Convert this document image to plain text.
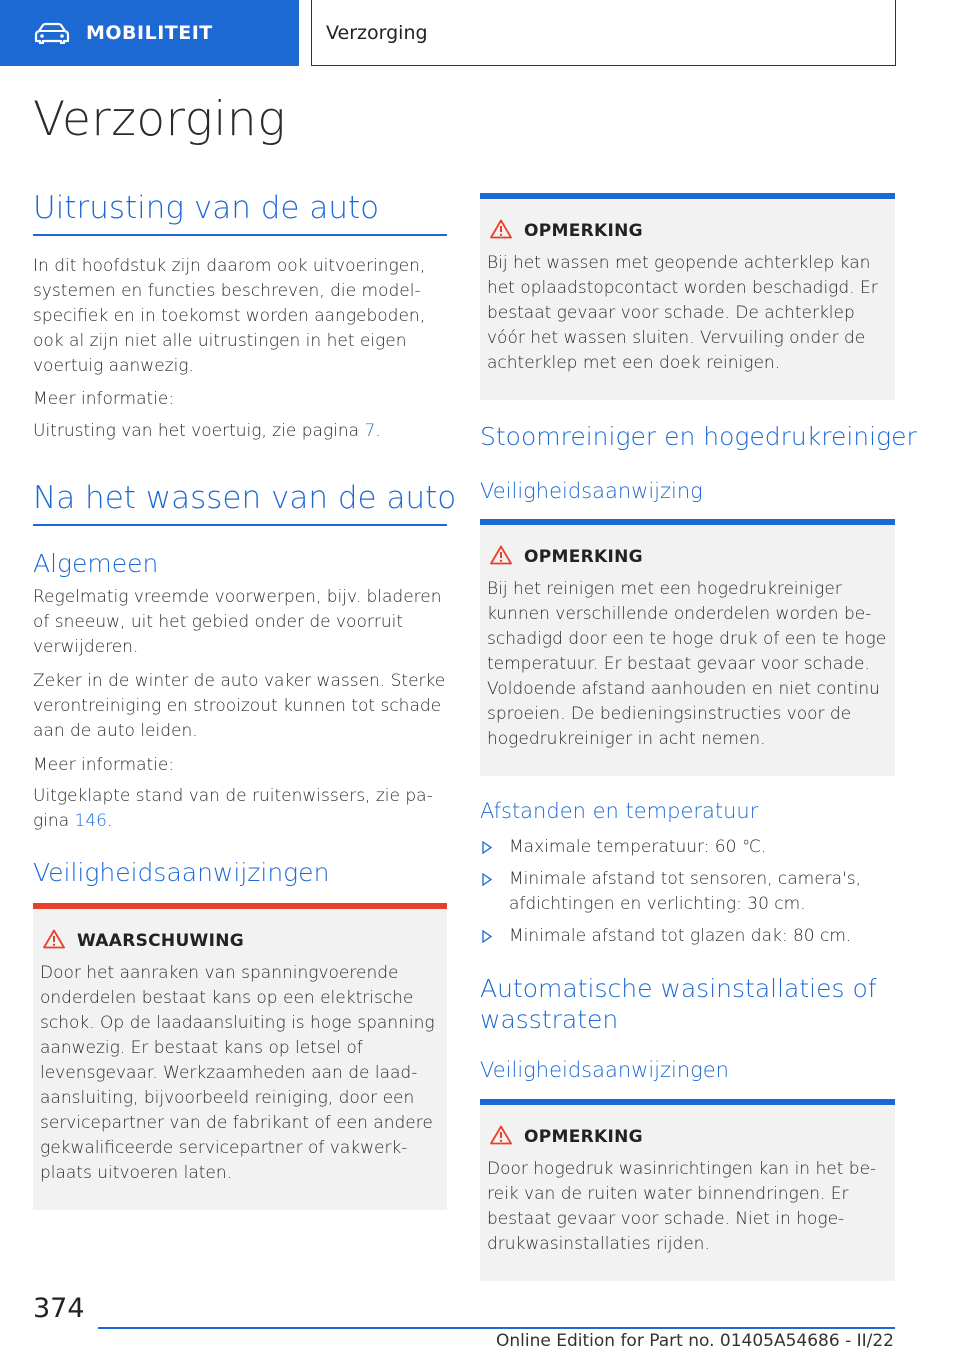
MOBILITEIT	Verzorging
Verzorging
Uitrusting van de auto

In dit hoofdstuk zijn daarom ook uitvoeringen, systemen en functies beschreven, die modelspecifiek en in toekomst worden aangeboden, ook al zijn niet alle uitrustingen in het eigen voertuig aanwezig.

Meer informatie:

Uitrusting van het voertuig, zie pagina 7.

Na het wassen van de auto
Algemeen

Regelmatig vreemde voorwerpen, bijv. bladeren of sneeuw, uit het gebied onder de voorruit verwijderen.

Zeker in de winter de auto vaker wassen. Sterke verontreiniging en strooizout kunnen tot schade aan de auto leiden.

Meer informatie:

Uitgeklapte stand van de ruitenwissers, zie pagina 146.

Veiligheidsaanwijzingen
WAARSCHUWING
Door het aanraken van spanningvoerende onderdelen bestaat kans op een elektrische schok. Op de laadaansluiting is hoge spanning aanwezig. Er bestaat kans op letsel of levensgevaar. Werkzaamheden aan de laadaansluiting, bijvoorbeeld reiniging, door een servicepartner van de fabrikant of een andere gekwalificeerde servicepartner of vakwerkplaats uitvoeren laten.
OPMERKING
Bij het wassen met geopende achterklep kan het oplaadstopcontact worden beschadigd. Er bestaat gevaar voor schade. De achterklep vóór het wassen sluiten. Vervuiling onder de achterklep met een doek reinigen.
Stoomreiniger en hogedrukreiniger
Veiligheidsaanwijzing
OPMERKING
Bij het reinigen met een hogedrukreiniger kunnen verschillende onderdelen worden beschadigd door een te hoge druk of een te hoge temperatuur. Er bestaat gevaar voor schade. Voldoende afstand aanhouden en niet continu sproeien. De bedieningsinstructies voor de hogedrukreiniger in acht nemen.
Afstanden en temperatuur
Maximale temperatuur: 60 ℃.
Minimale afstand tot sensoren, camera's, afdichtingen en verlichting: 30 cm.
Minimale afstand tot glazen dak: 80 cm.
Automatische wasinstallaties of wasstraten
Veiligheidsaanwijzingen
OPMERKING
Door hogedruk wasinrichtingen kan in het bereik van de ruiten water binnendringen. Er bestaat gevaar voor schade. Niet in hogedrukwasinstallaties rijden.
374
Online Edition for Part no. 01405A54686 - II/22
